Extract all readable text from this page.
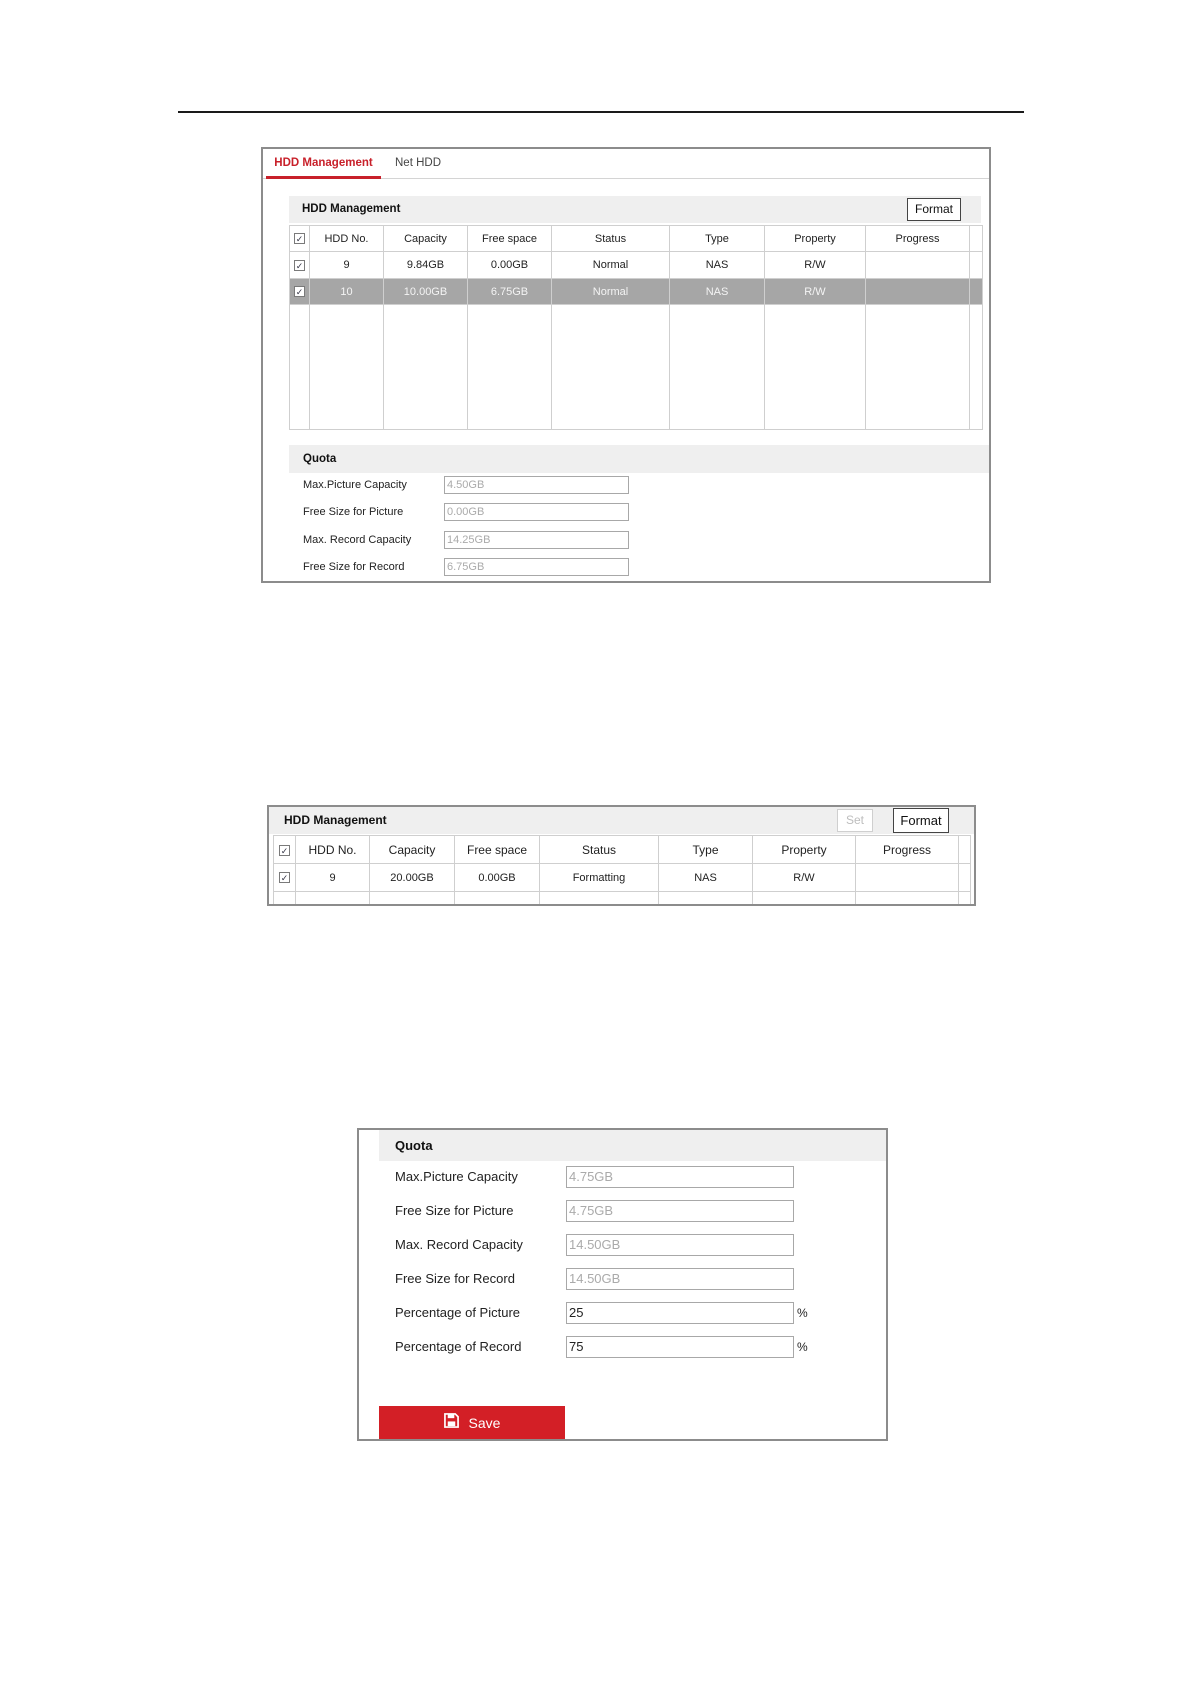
HDD Management	Net HDD
HDD Management	Format
✓	HDD No.	Capacity	Free space	Status	Type	Property	Progress	
✓	9	9.84GB	0.00GB	Normal	NAS	R/W		
✓	10	10.00GB	6.75GB	Normal	NAS	R/W		

Quota
Max.Picture Capacity	4.50GB
Free Size for Picture	0.00GB
Max. Record Capacity	14.25GB
Free Size for Record	6.75GB
HDD Management	Set	Format
✓	HDD No.	Capacity	Free space	Status	Type	Property	Progress	
✓	9	20.00GB	0.00GB	Formatting	NAS	R/W		

Quota
Max.Picture Capacity	4.75GB
Free Size for Picture	4.75GB
Max. Record Capacity	14.50GB
Free Size for Record	14.50GB
Percentage of Picture	25	%
Percentage of Record	75	%
Save
